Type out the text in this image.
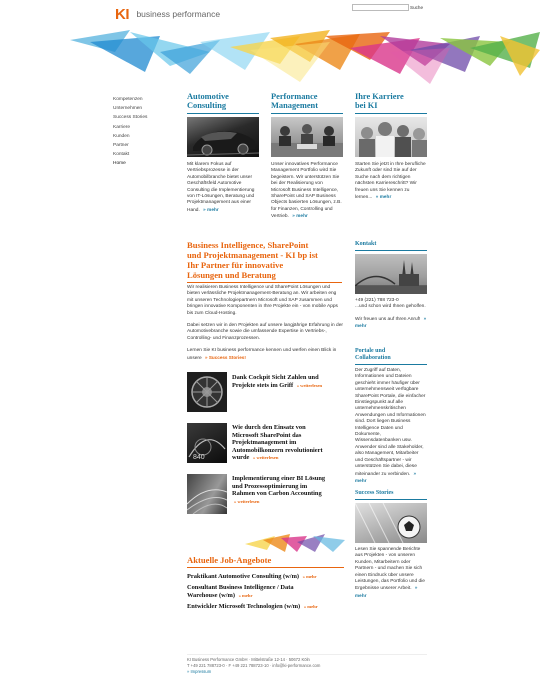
KI business performance
Suche
Kompetenzen
Unternehmen
Success Stories
Karriere
Kunden
Partner
Kontakt
Home
Automotive
Consulting
Mit klarem Fokus auf Vertriebsprozesse in der Automobilbranche bietet unser Geschäftsfeld Automotive Consulting die Implementierung von IT-Lösungen, Beratung und Projektmanagement aus einer Hand. » mehr
Performance
Management
Unser innovatives Performance Management Portfolio wird Sie begeistern. Wir unterstützen Sie bei der Realisierung von Microsoft Business Intelligence, SharePoint und SAP Business Objects basierten Lösungen, z.B. für Finanzen, Controlling und Vertrieb. » mehr
Ihre Karriere
bei KI
Starten Sie jetzt in Ihre berufliche Zukunft oder sind Sie auf der Suche nach dem richtigen nächsten Karriereschritt? Wir freuen uns Sie kennen zu lernen... » mehr
Business Intelligence, SharePoint
und Projektmanagement - KI bp ist
Ihr Partner für innovative
Lösungen und Beratung

Wir realisieren Business Intelligence und SharePoint Lösungen und bieten verlässliche Projektmanagement-Beratung an. Wir arbeiten eng mit unseren Technologiepartnern Microsoft und SAP zusammen und bringen innovative Komponenten in Ihre Projekte ein - von mobile Apps bis zum Cloud-Hosting.

Dabei setzen wir in den Projekten auf unsere langjährige Erfahrung in der Automotivebranche sowie die umfassende Expertise in Vertriebs-, Controlling- und Finanzprozessen.

Lernen Sie KI business performance kennen und werfen einen Blick in unsere » Success Stories!

Dank Cockpit Sicht Zahlen und
Projekte stets im Griff » weiterlesen
840
Wie durch den Einsatz von
Microsoft SharePoint das
Projektmanagement im
Automobilkonzern revolutioniert
wurde » weiterlesen
Implementierung einer BI Lösung
und Prozessoptimierung im
Rahmen von Carbon Accounting
» weiterlesen
Aktuelle Job-Angebote
Praktikant Automotive Consulting (w/m) » mehr
Consultant Business Intelligence / Data
Warehouse (w/m) » mehr
Entwickler Microsoft Technologien (w/m) » mehr
Kontakt
+49 (221) 788 723-0
...und schon wird Ihnen geholfen.
Wir freuen uns auf Ihren Anruf! » mehr
Portale und
Collaboration
Der Zugriff auf Daten, Informationen und Dateien geschieht immer häufiger über unternehmensweit verfügbare SharePoint Portale, die einfacher Einstiegspunkt auf alle unternehmenskritischen Anwendungen und Informationen sind. Dort liegen Business Intelligence Daten und Dokumente, Wissensdatenbanken usw. Anwender sind alle Stakeholder, also Management, Mitarbeiter und Geschäftspartner - wir unterstützen Sie dabei, diese miteinander zu verbinden. » mehr
Success Stories
Lesen Sie spannende Berichte aus Projekten - von unseren Kunden, Mitarbeitern oder Partnern - und machen Sie sich einen Eindruck über unsere Leistungen, das Portfolio und die Ergebnisse unserer Arbeit. » mehr
KI Business Performance GmbH · Mittelstraße 12-14 · 50672 Köln
T +49 221 788723-0 · F +49 221 788723-10 · info@ki-performance.com
» Impressum
